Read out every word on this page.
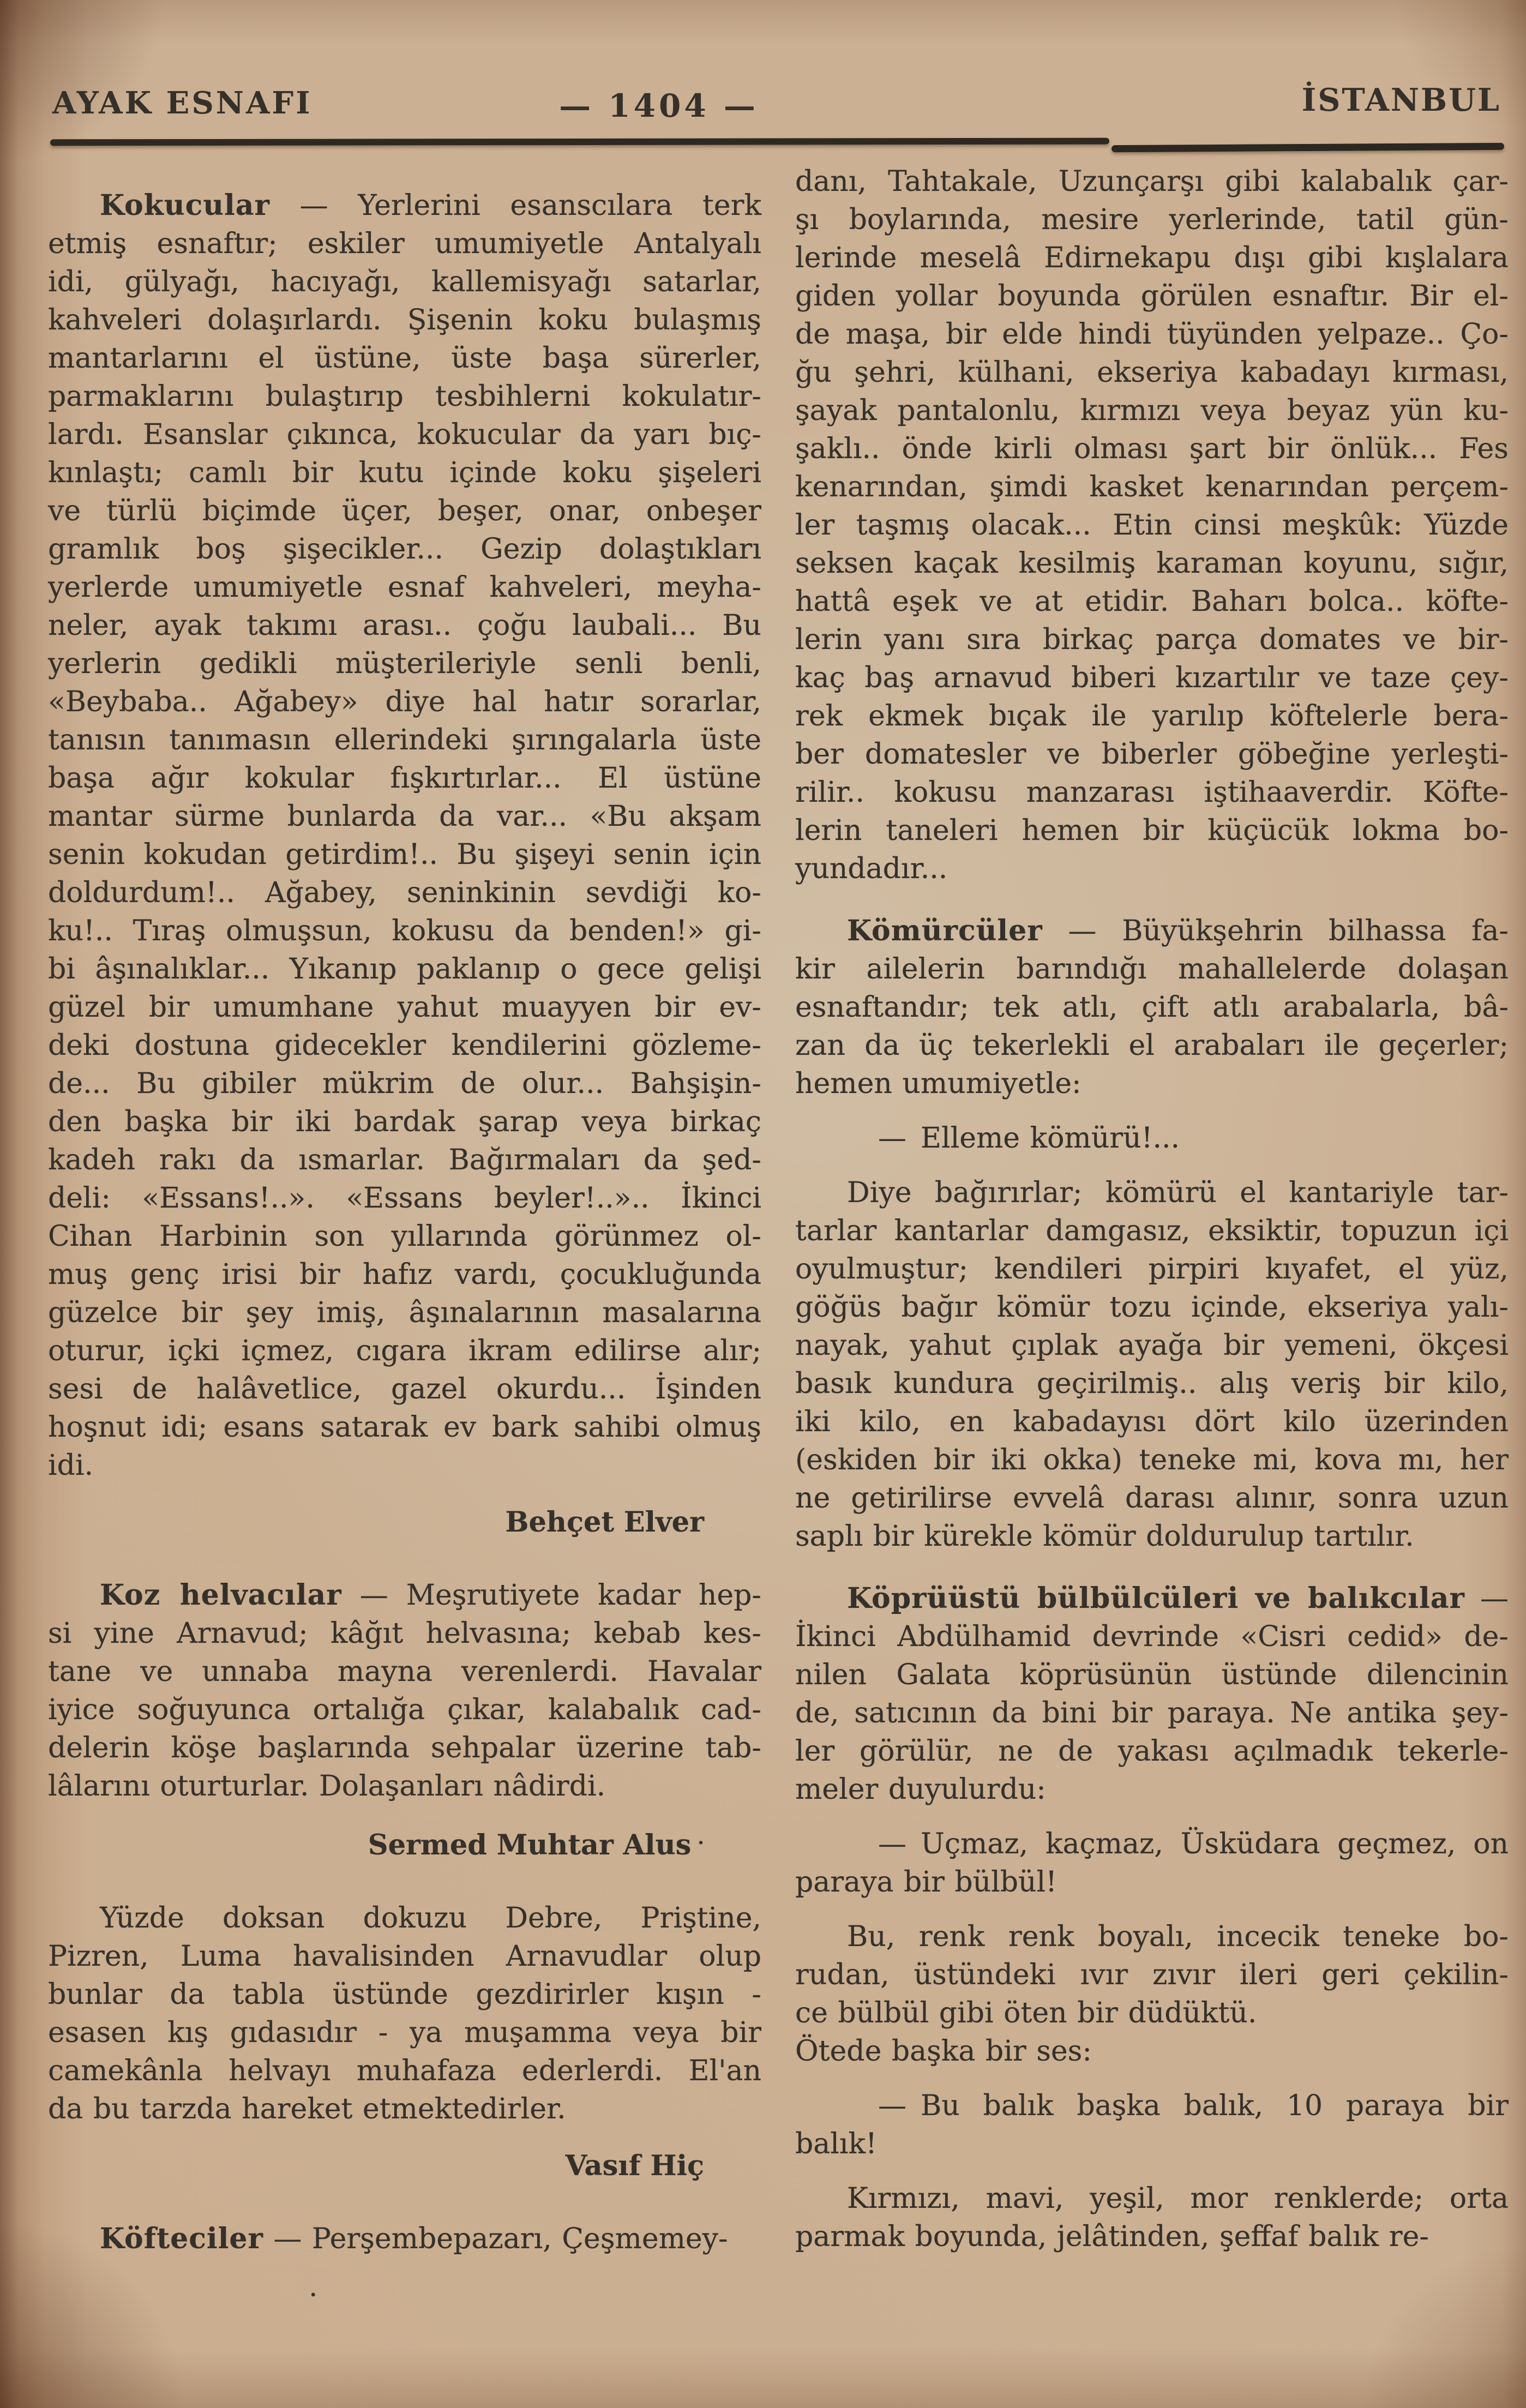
AYAK ESNAFI	— 1404 —	İSTANBUL
Kokucular — Yerlerini esanscılara terk
etmiş esnaftır; eskiler umumiyetle Antalyalı
idi, gülyağı, hacıyağı, kallemisyağı satarlar,
kahveleri dolaşırlardı. Şişenin koku bulaşmış
mantarlarını el üstüne, üste başa sürerler,
parmaklarını bulaştırıp tesbihlerni kokulatır-
lardı. Esanslar çıkınca, kokucular da yarı bıç-
kınlaştı; camlı bir kutu içinde koku şişeleri
ve türlü biçimde üçer, beşer, onar, onbeşer
gramlık boş şişecikler... Gezip dolaştıkları
yerlerde umumiyetle esnaf kahveleri, meyha-
neler, ayak takımı arası.. çoğu laubali... Bu
yerlerin gedikli müşterileriyle senli benli,
«Beybaba.. Ağabey» diye hal hatır sorarlar,
tanısın tanımasın ellerindeki şırıngalarla üste
başa ağır kokular fışkırtırlar... El üstüne
mantar sürme bunlarda da var... «Bu akşam
senin kokudan getirdim!.. Bu şişeyi senin için
doldurdum!.. Ağabey, seninkinin sevdiği ko-
ku!.. Tıraş olmuşsun, kokusu da benden!» gi-
bi âşınalıklar... Yıkanıp paklanıp o gece gelişi
güzel bir umumhane yahut muayyen bir ev-
deki dostuna gidecekler kendilerini gözleme-
de... Bu gibiler mükrim de olur... Bahşişin-
den başka bir iki bardak şarap veya birkaç
kadeh rakı da ısmarlar. Bağırmaları da şed-
deli: «Essans!..». «Essans beyler!..».. İkinci
Cihan Harbinin son yıllarında görünmez ol-
muş genç irisi bir hafız vardı, çocukluğunda
güzelce bir şey imiş, âşınalarının masalarına
oturur, içki içmez, cıgara ikram edilirse alır;
sesi de halâvetlice, gazel okurdu... İşinden
hoşnut idi; esans satarak ev bark sahibi olmuş
idi.
Behçet Elver
Koz helvacılar — Meşrutiyete kadar hep-
si yine Arnavud; kâğıt helvasına; kebab kes-
tane ve unnaba mayna verenlerdi. Havalar
iyice soğuyunca ortalığa çıkar, kalabalık cad-
delerin köşe başlarında sehpalar üzerine tab-
lâlarını oturturlar. Dolaşanları nâdirdi.
Sermed Muhtar Alus ·
Yüzde doksan dokuzu Debre, Priştine,
Pizren, Luma havalisinden Arnavudlar olup
bunlar da tabla üstünde gezdirirler kışın -
esasen kış gıdasıdır - ya muşamma veya bir
camekânla helvayı muhafaza ederlerdi. El'an
da bu tarzda hareket etmektedirler.
Vasıf Hiç
Köfteciler — Perşembepazarı, Çeşmemey-
.
danı, Tahtakale, Uzunçarşı gibi kalabalık çar-
şı boylarında, mesire yerlerinde, tatil gün-
lerinde meselâ Edirnekapu dışı gibi kışlalara
giden yollar boyunda görülen esnaftır. Bir el-
de maşa, bir elde hindi tüyünden yelpaze.. Ço-
ğu şehri, külhani, ekseriya kabadayı kırması,
şayak pantalonlu, kırmızı veya beyaz yün ku-
şaklı.. önde kirli olması şart bir önlük... Fes
kenarından, şimdi kasket kenarından perçem-
ler taşmış olacak... Etin cinsi meşkûk: Yüzde
seksen kaçak kesilmiş karaman koyunu, sığır,
hattâ eşek ve at etidir. Baharı bolca.. köfte-
lerin yanı sıra birkaç parça domates ve bir-
kaç baş arnavud biberi kızartılır ve taze çey-
rek ekmek bıçak ile yarılıp köftelerle bera-
ber domatesler ve biberler göbeğine yerleşti-
rilir.. kokusu manzarası iştihaaverdir. Köfte-
lerin taneleri hemen bir küçücük lokma bo-
yundadır...
Kömürcüler — Büyükşehrin bilhassa fa-
kir ailelerin barındığı mahallelerde dolaşan
esnaftandır; tek atlı, çift atlı arabalarla, bâ-
zan da üç tekerlekli el arabaları ile geçerler;
hemen umumiyetle:
— Elleme kömürü!...
Diye bağırırlar; kömürü el kantariyle tar-
tarlar kantarlar damgasız, eksiktir, topuzun içi
oyulmuştur; kendileri pirpiri kıyafet, el yüz,
göğüs bağır kömür tozu içinde, ekseriya yalı-
nayak, yahut çıplak ayağa bir yemeni, ökçesi
basık kundura geçirilmiş.. alış veriş bir kilo,
iki kilo, en kabadayısı dört kilo üzerinden
(eskiden bir iki okka) teneke mi, kova mı, her
ne getirilirse evvelâ darası alınır, sonra uzun
saplı bir kürekle kömür doldurulup tartılır.
Köprüüstü bülbülcüleri ve balıkcılar —
İkinci Abdülhamid devrinde «Cisri cedid» de-
nilen Galata köprüsünün üstünde dilencinin
de, satıcının da bini bir paraya. Ne antika şey-
ler görülür, ne de yakası açılmadık tekerle-
meler duyulurdu:
— Uçmaz, kaçmaz, Üsküdara geçmez, on
paraya bir bülbül!
Bu, renk renk boyalı, incecik teneke bo-
rudan, üstündeki ıvır zıvır ileri geri çekilin-
ce bülbül gibi öten bir düdüktü.
Ötede başka bir ses:
— Bu balık başka balık, 10 paraya bir
balık!
Kırmızı, mavi, yeşil, mor renklerde; orta
parmak boyunda, jelâtinden, şeffaf balık re-
